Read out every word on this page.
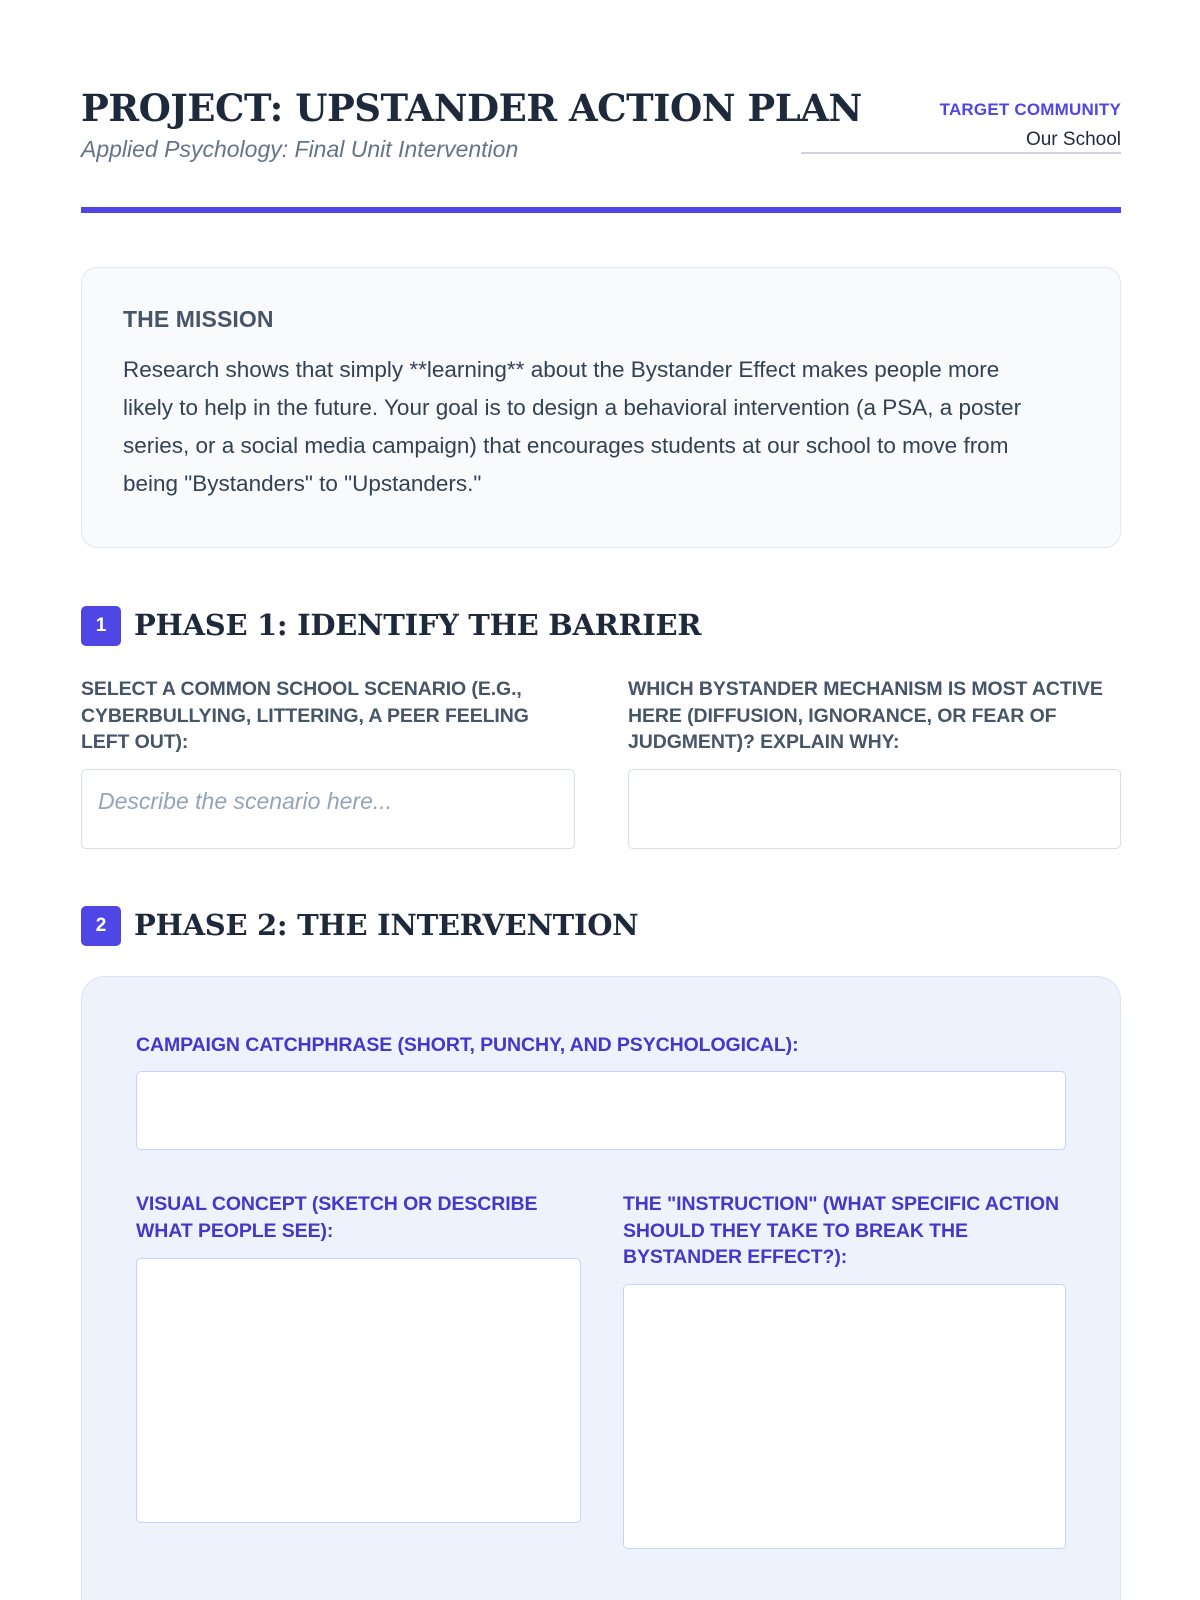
PROJECT: UPSTANDER ACTION PLAN
Applied Psychology: Final Unit Intervention
TARGET COMMUNITY
Our School
THE MISSION

Research shows that simply **learning** about the Bystander Effect makes people more likely to help in the future. Your goal is to design a behavioral intervention (a PSA, a poster series, or a social media campaign) that encourages students at our school to move from being "Bystanders" to "Upstanders."

1 PHASE 1: IDENTIFY THE BARRIER
SELECT A COMMON SCHOOL SCENARIO (E.G., CYBERBULLYING, LITTERING, A PEER FEELING LEFT OUT):
Describe the scenario here...
WHICH BYSTANDER MECHANISM IS MOST ACTIVE HERE (DIFFUSION, IGNORANCE, OR FEAR OF JUDGMENT)? EXPLAIN WHY:
2 PHASE 2: THE INTERVENTION
CAMPAIGN CATCHPHRASE (SHORT, PUNCHY, AND PSYCHOLOGICAL):
VISUAL CONCEPT (SKETCH OR DESCRIBE WHAT PEOPLE SEE):
THE "INSTRUCTION" (WHAT SPECIFIC ACTION SHOULD THEY TAKE TO BREAK THE BYSTANDER EFFECT?):
